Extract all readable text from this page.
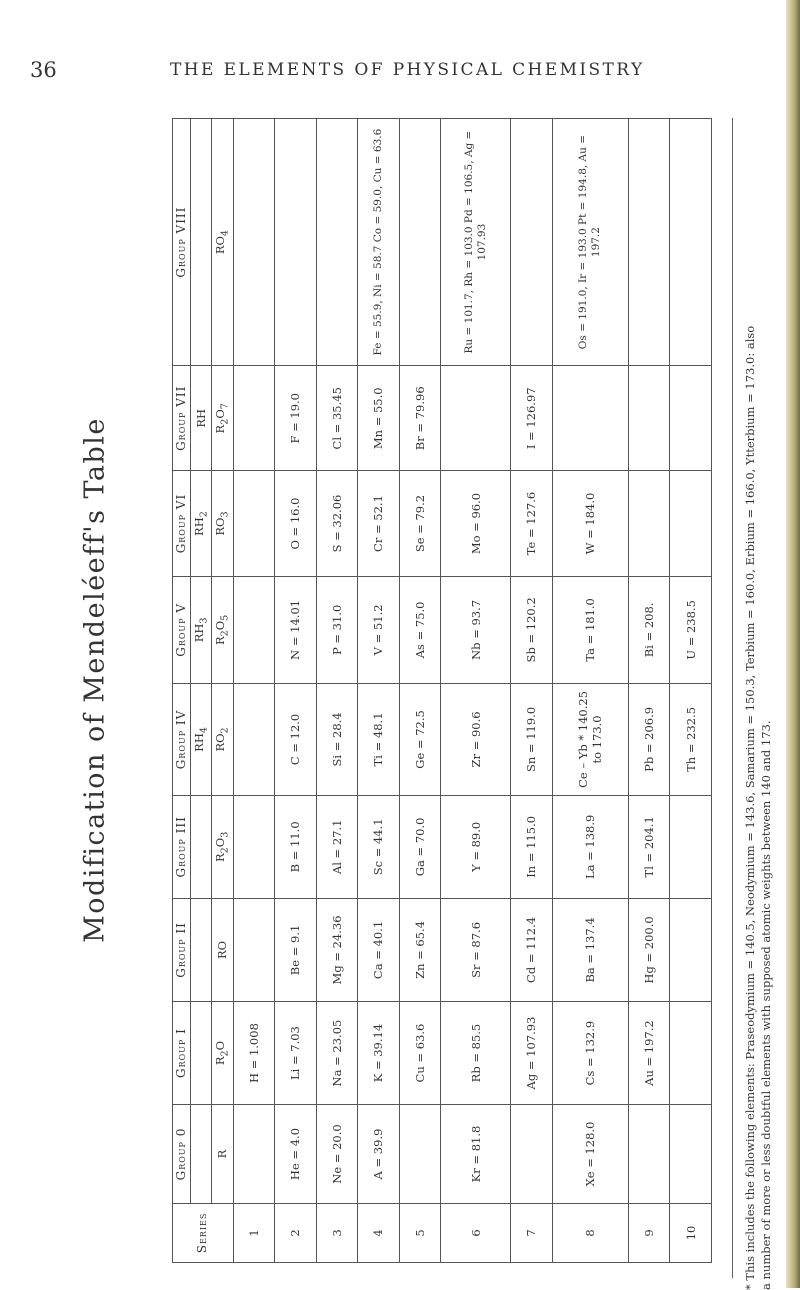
36	THE ELEMENTS OF PHYSICAL CHEMISTRY
Modification of Mendeléeff's Table
Series	Group 0	Group I	Group II	Group III	Group IV	Group V	Group VI	Group VII	Group VIII
					$RH_4$	$RH_3$	$RH_2$	RH	
	R	$R_2O$	RO	$R_2O_3$	$RO_2$	$R_2O_5$	$RO_3$	$R_2O_7$	$RO_4$
1		H = 1.008							
2	He = 4.0	Li = 7.03	Be = 9.1	B = 11.0	C = 12.0	N = 14.01	O = 16.0	F = 19.0	
3	Ne = 20.0	Na = 23.05	Mg = 24.36	Al = 27.1	Si = 28.4	P = 31.0	S = 32.06	Cl = 35.45	
4	A = 39.9	K = 39.14	Ca = 40.1	Sc = 44.1	Ti = 48.1	V = 51.2	Cr = 52.1	Mn = 55.0	Fe = 55.9, Ni = 58.7 Co = 59.0, Cu = 63.6
5		Cu = 63.6	Zn = 65.4	Ga = 70.0	Ge = 72.5	As = 75.0	Se = 79.2	Br = 79.96	
6	Kr = 81.8	Rb = 85.5	Sr = 87.6	Y = 89.0	Zr = 90.6	Nb = 93.7	Mo = 96.0		Ru = 101.7, Rh = 103.0 Pd = 106.5, Ag = 107.93
7		Ag = 107.93	Cd = 112.4	In = 115.0	Sn = 119.0	Sb = 120.2	Te = 127.6	I = 126.97	
8	Xe = 128.0	Cs = 132.9	Ba = 137.4	La = 138.9	Ce – Yb * 140.25 to 173.0	Ta = 181.0	W = 184.0		Os = 191.0, Ir = 193.0 Pt = 194.8, Au = 197.2
9		Au = 197.2	Hg = 200.0	Tl = 204.1	Pb = 206.9	Bi = 208.			
10					Th = 232.5	U = 238.5				* This includes the following elements: Praseodymium = 140.5, Neodymium = 143.6, Samarium = 150.3, Terbium = 160.0, Erbium = 166.0, Ytterbium = 173.0: also a number of more or less doubtful elements with supposed atomic weights between 140 and 173.
